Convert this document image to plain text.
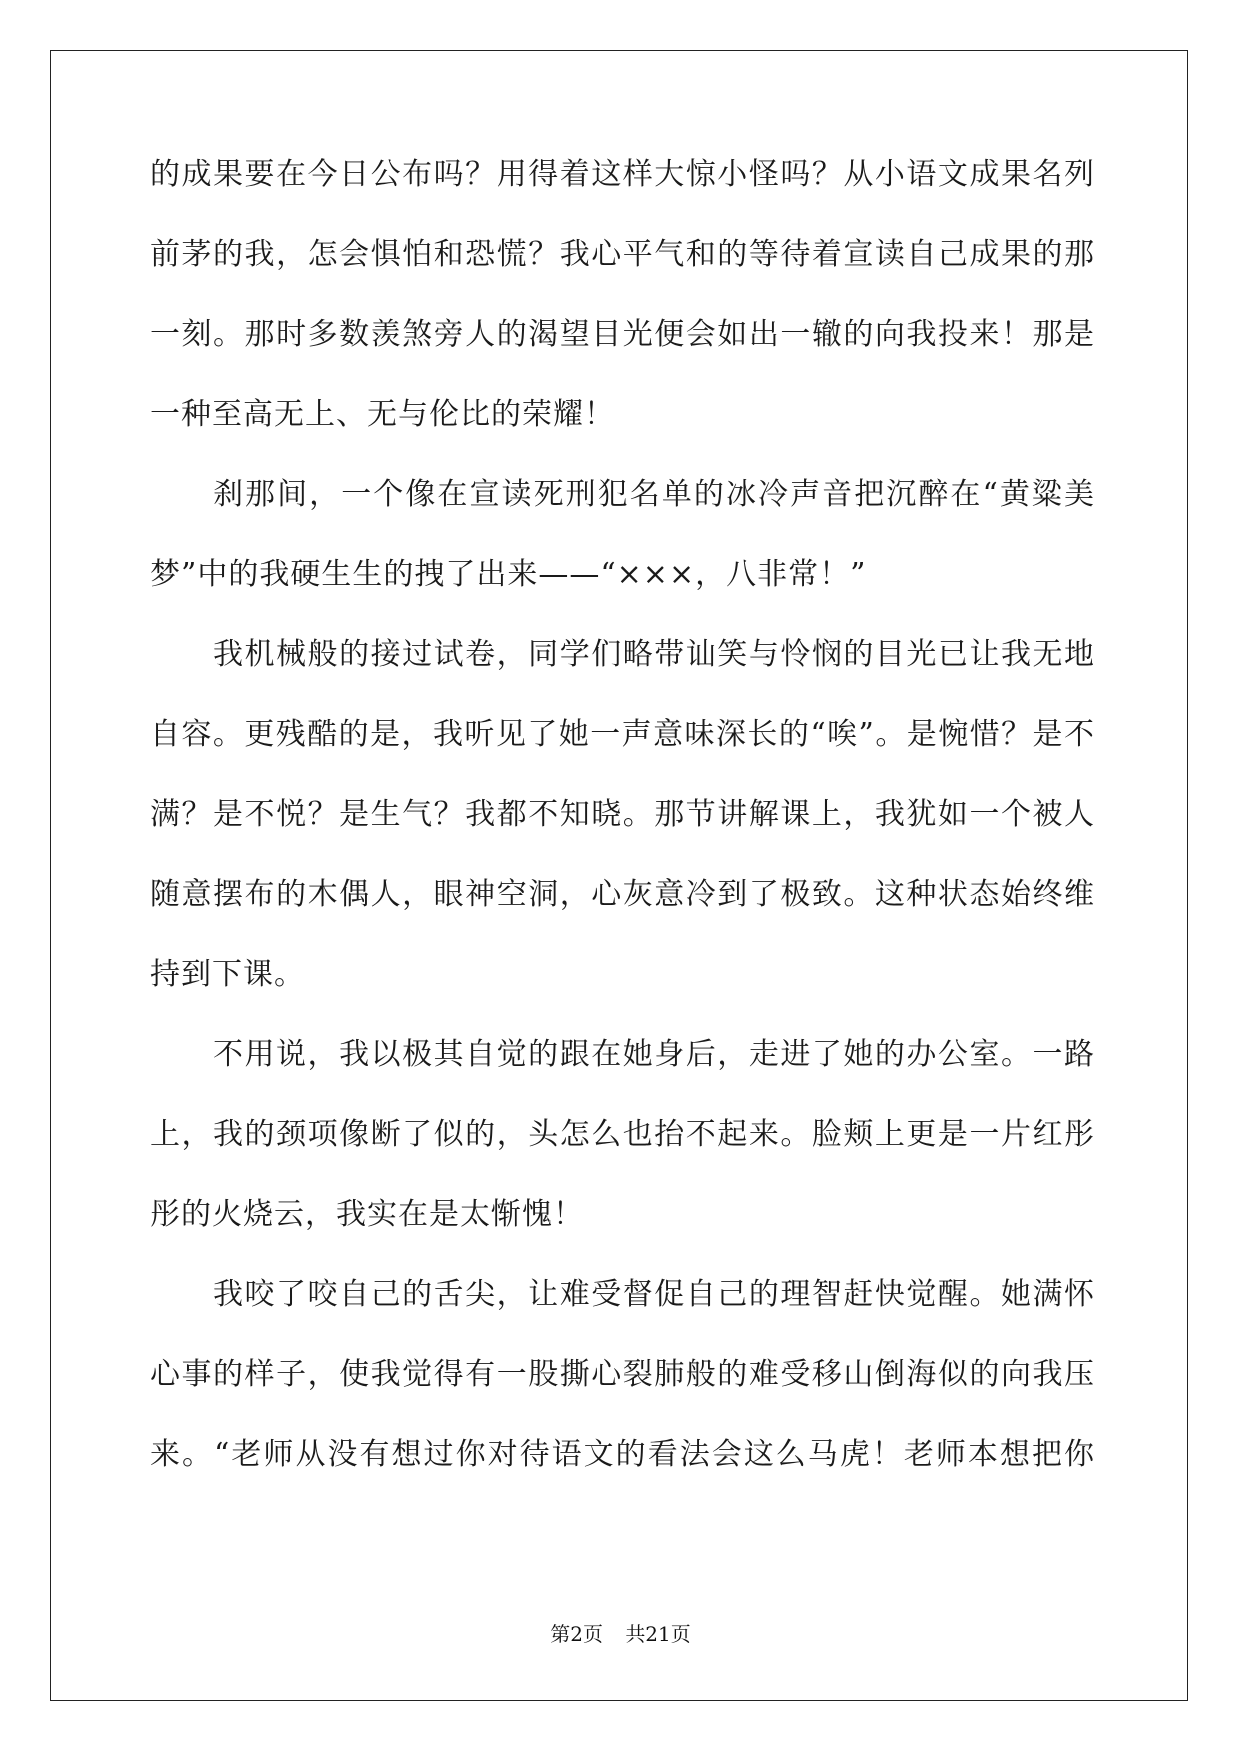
的成果要在今日公布吗？用得着这样大惊小怪吗？从小语文成果名列
前茅的我，怎会惧怕和恐慌？我心平气和的等待着宣读自己成果的那
一刻。那时多数羡煞旁人的渴望目光便会如出一辙的向我投来！那是
一种至高无上、无与伦比的荣耀！
刹那间，一个像在宣读死刑犯名单的冰冷声音把沉醉在“黄粱美
梦”中的我硬生生的拽了出来——“×××，八非常！”
我机械般的接过试卷，同学们略带讪笑与怜悯的目光已让我无地
自容。更残酷的是，我听见了她一声意味深长的“唉”。是惋惜？是不
满？是不悦？是生气？我都不知晓。那节讲解课上，我犹如一个被人
随意摆布的木偶人，眼神空洞，心灰意冷到了极致。这种状态始终维
持到下课。
不用说，我以极其自觉的跟在她身后，走进了她的办公室。一路
上，我的颈项像断了似的，头怎么也抬不起来。脸颊上更是一片红彤
彤的火烧云，我实在是太惭愧！
我咬了咬自己的舌尖，让难受督促自己的理智赶快觉醒。她满怀
心事的样子，使我觉得有一股撕心裂肺般的难受移山倒海似的向我压
来。“老师从没有想过你对待语文的看法会这么马虎！老师本想把你
第2页 共21页
